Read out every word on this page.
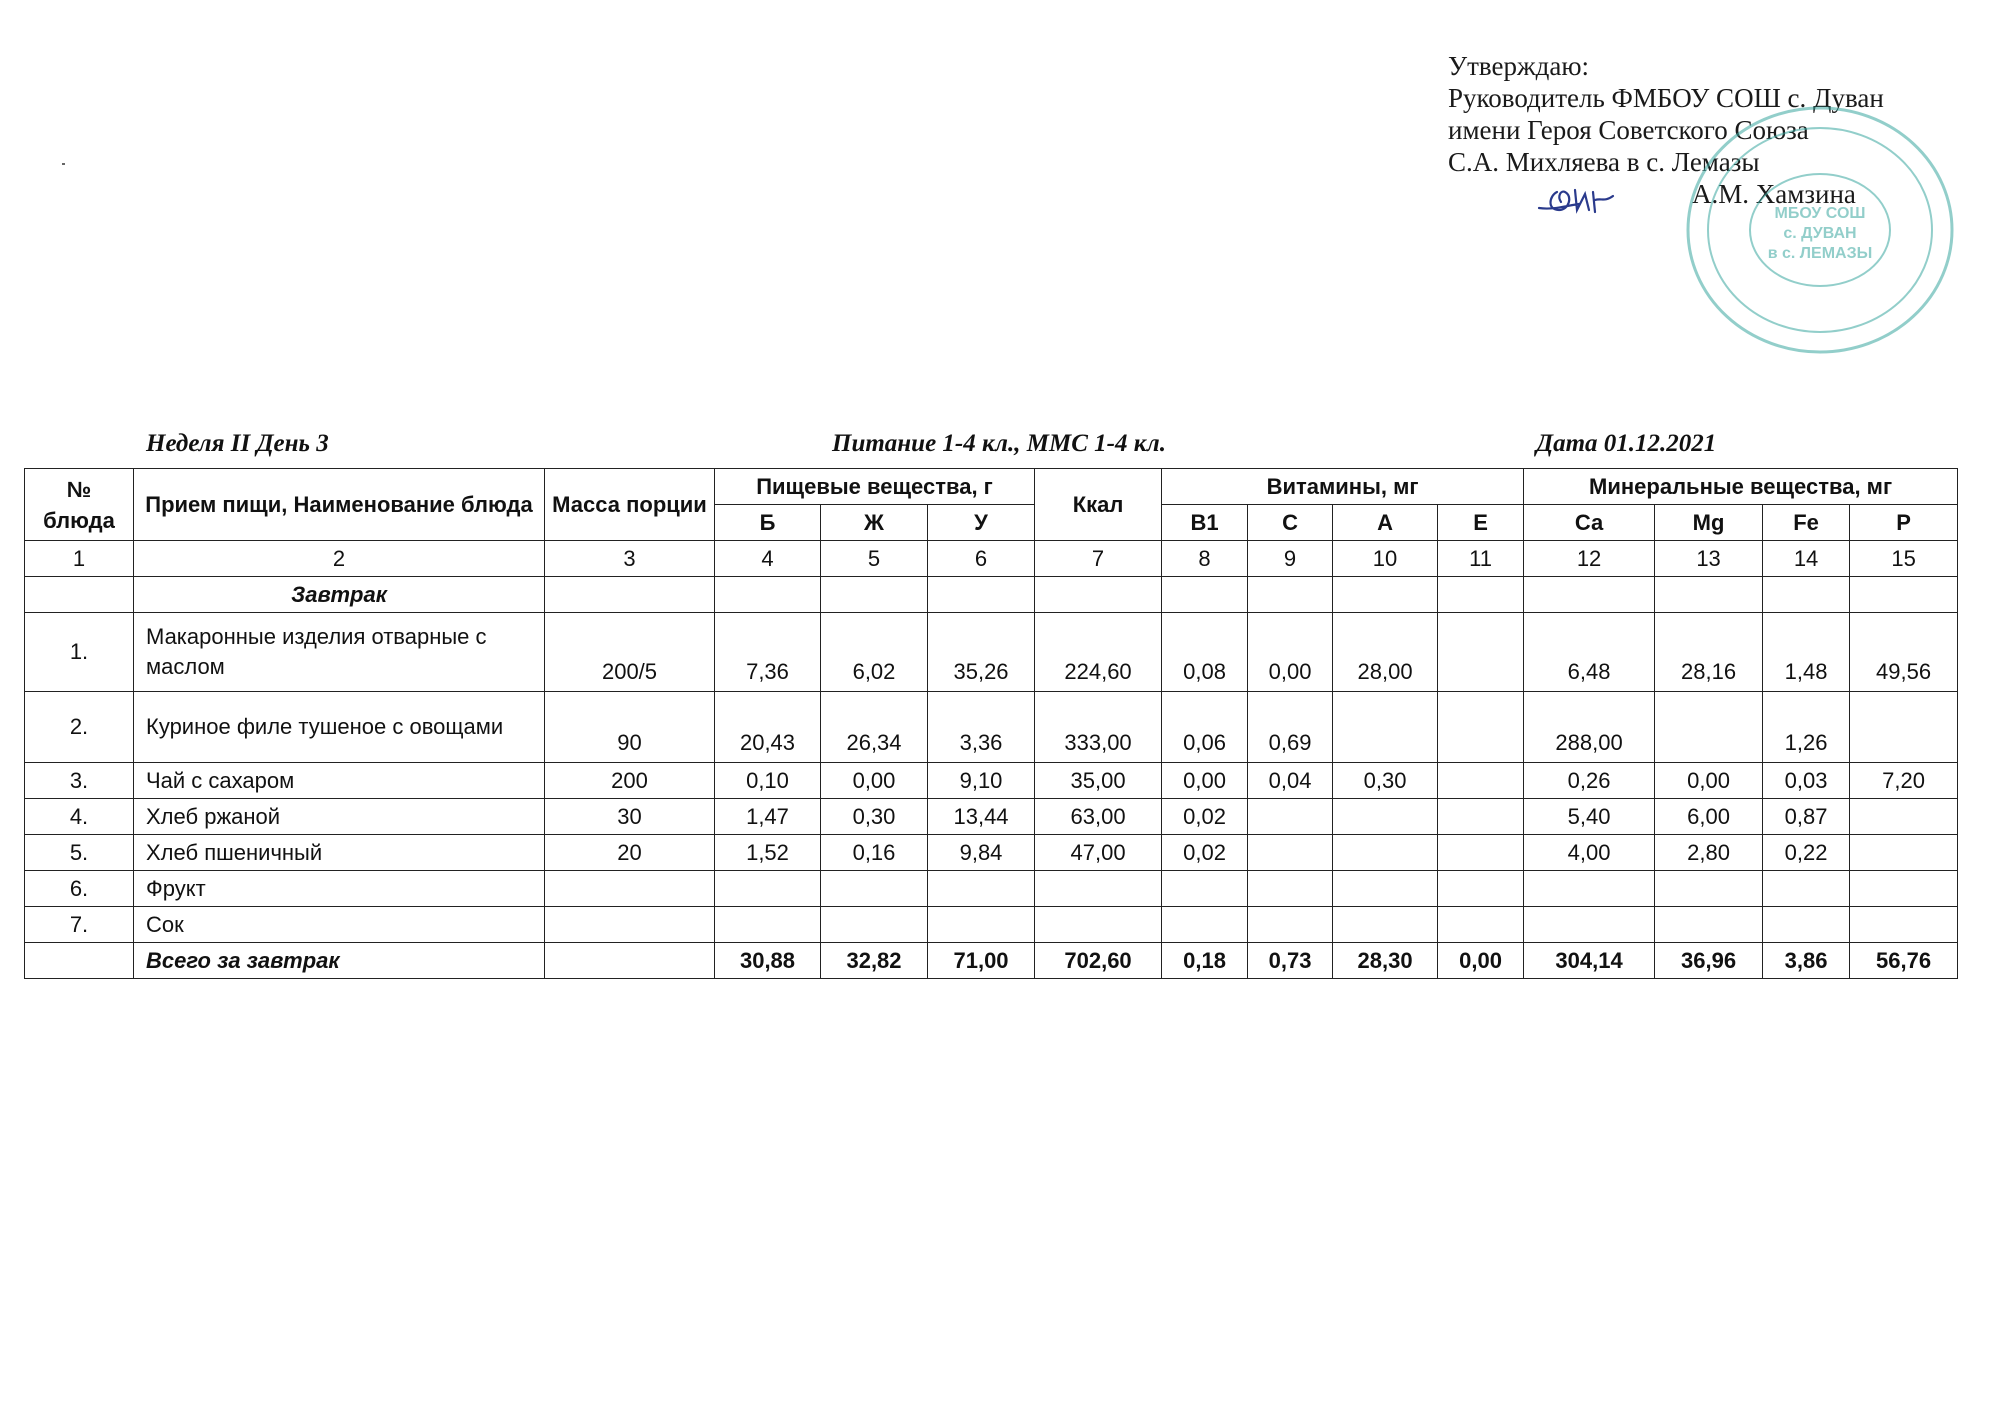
Утверждаю:
Руководитель ФМБОУ СОШ с. Дуван
имени Героя Советского Союза
С.А. Михляева в с. Лемазы
А.М. Хамзина
МБОУ СОШ
с. ДУВАН
в с. ЛЕМАЗЫ
Неделя II День 3	Питание 1-4 кл., ММС 1-4 кл.	Дата 01.12.2021
№ блюда	Прием пищи, Наименование блюда	Масса порции	Пищевые вещества, г			Ккал	Витамины, мг				Минеральные вещества, мг			
			Б	Ж	У		В1	С	А	Е	Са	Mg	Fe	Р
1	2	3	4	5	6	7	8	9	10	11	12	13	14	15
	Завтрак													
1.	Макаронные изделия отварные с маслом	200/5	7,36	6,02	35,26	224,60	0,08	0,00	28,00		6,48	28,16	1,48	49,56
2.	Куриное филе тушеное с овощами	90	20,43	26,34	3,36	333,00	0,06	0,69			288,00		1,26	
3.	Чай с сахаром	200	0,10	0,00	9,10	35,00	0,00	0,04	0,30		0,26	0,00	0,03	7,20
4.	Хлеб ржаной	30	1,47	0,30	13,44	63,00	0,02				5,40	6,00	0,87	
5.	Хлеб пшеничный	20	1,52	0,16	9,84	47,00	0,02				4,00	2,80	0,22	
6.	Фрукт													
7.	Сок													
	Всего за завтрак		30,88	32,82	71,00	702,60	0,18	0,73	28,30	0,00	304,14	36,96	3,86	56,76
